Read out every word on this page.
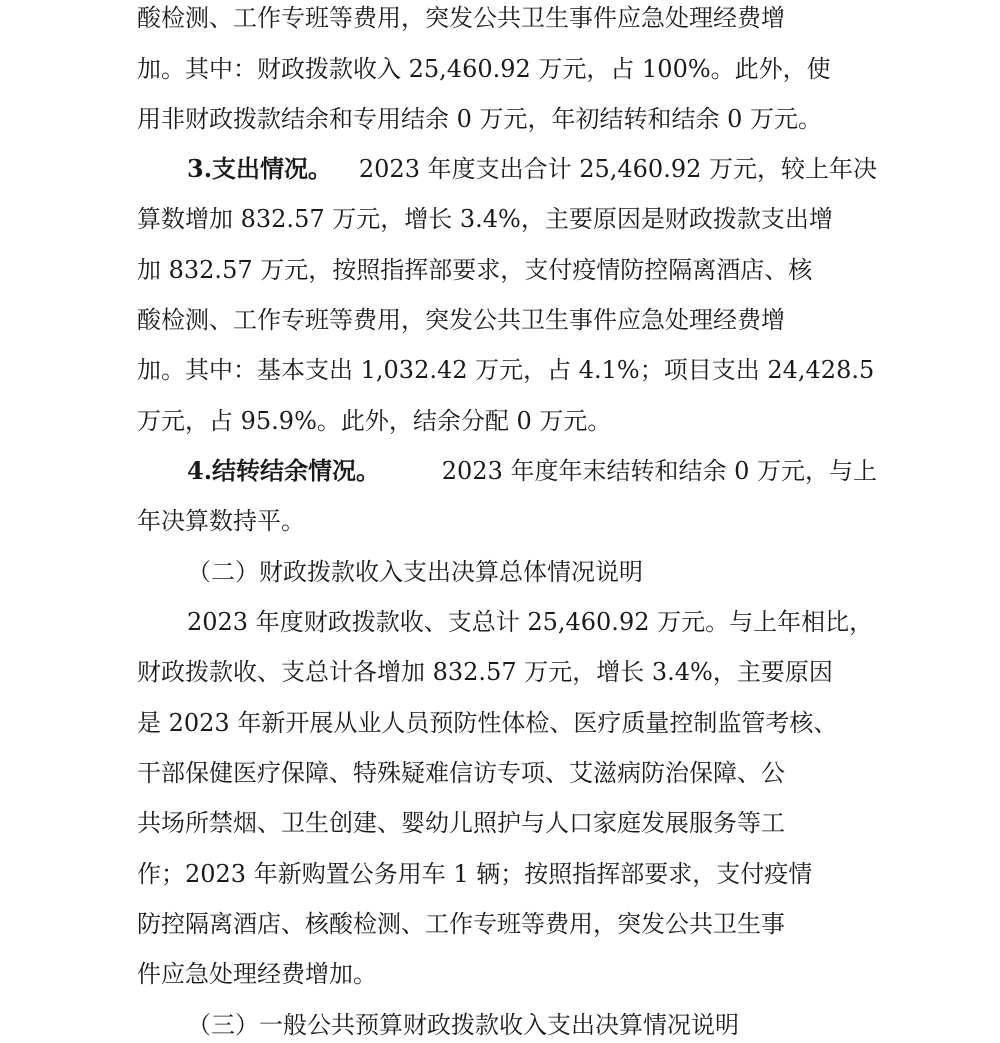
酸检测、工作专班等费用，突发公共卫生事件应急处理经费增
加。其中：财政拨款收入 25,460.92 万元，占 100%。此外，使
用非财政拨款结余和专用结余 0 万元，年初结转和结余 0 万元。
3.支出情况。 2023 年度支出合计 25,460.92 万元，较上年决
算数增加 832.57 万元，增长 3.4%，主要原因是财政拨款支出增
加 832.57 万元，按照指挥部要求，支付疫情防控隔离酒店、核
酸检测、工作专班等费用，突发公共卫生事件应急处理经费增
加。其中：基本支出 1,032.42 万元，占 4.1%；项目支出 24,428.5
万元，占 95.9%。此外，结余分配 0 万元。
4.结转结余情况。	2023 年度年末结转和结余 0 万元，与上
年决算数持平。
（二）财政拨款收入支出决算总体情况说明
2023 年度财政拨款收、支总计 25,460.92 万元。与上年相比，
财政拨款收、支总计各增加 832.57 万元，增长 3.4%，主要原因
是 2023 年新开展从业人员预防性体检、医疗质量控制监管考核、
干部保健医疗保障、特殊疑难信访专项、艾滋病防治保障、公
共场所禁烟、卫生创建、婴幼儿照护与人口家庭发展服务等工
作；2023 年新购置公务用车 1 辆；按照指挥部要求，支付疫情
防控隔离酒店、核酸检测、工作专班等费用，突发公共卫生事
件应急处理经费增加。
（三）一般公共预算财政拨款收入支出决算情况说明
